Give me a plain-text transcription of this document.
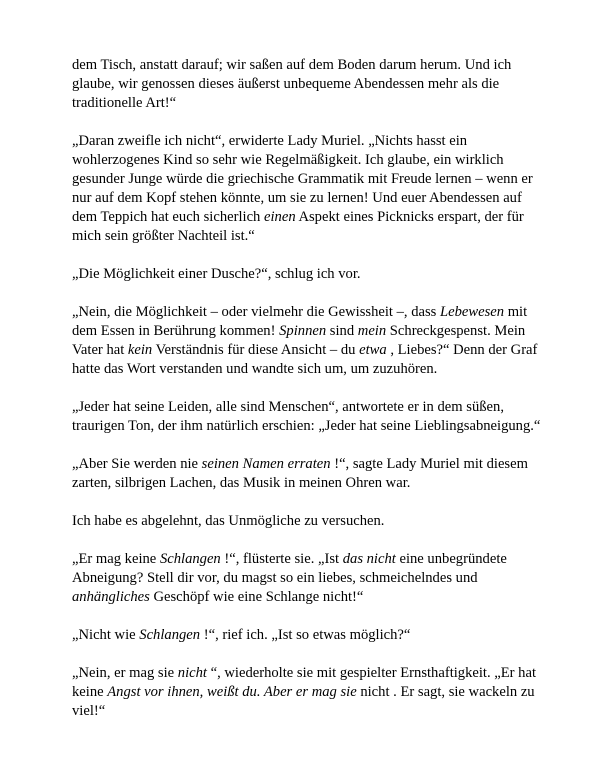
dem Tisch, anstatt darauf; wir saßen auf dem Boden darum herum. Und ich glaube, wir genossen dieses äußerst unbequeme Abendessen mehr als die traditionelle Art!“

„Daran zweifle ich nicht“, erwiderte Lady Muriel. „Nichts hasst ein wohlerzogenes Kind so sehr wie Regelmäßigkeit. Ich glaube, ein wirklich gesunder Junge würde die griechische Grammatik mit Freude lernen – wenn er nur auf dem Kopf stehen könnte, um sie zu lernen! Und euer Abendessen auf dem Teppich hat euch sicherlich einen Aspekt eines Picknicks erspart, der für mich sein größter Nachteil ist.“

„Die Möglichkeit einer Dusche?“, schlug ich vor.

„Nein, die Möglichkeit – oder vielmehr die Gewissheit –, dass Lebewesen mit dem Essen in Berührung kommen! Spinnen sind mein Schreckgespenst. Mein Vater hat kein Verständnis für diese Ansicht – du etwa , Liebes?“ Denn der Graf hatte das Wort verstanden und wandte sich um, um zuzuhören.

„Jeder hat seine Leiden, alle sind Menschen“, antwortete er in dem süßen, traurigen Ton, der ihm natürlich erschien: „Jeder hat seine Lieblingsabneigung.“

„Aber Sie werden nie seinen Namen erraten !“, sagte Lady Muriel mit diesem zarten, silbrigen Lachen, das Musik in meinen Ohren war.

Ich habe es abgelehnt, das Unmögliche zu versuchen.

„Er mag keine Schlangen !“, flüsterte sie. „Ist das nicht eine unbegründete Abneigung? Stell dir vor, du magst so ein liebes, schmeichelndes und anhängliches Geschöpf wie eine Schlange nicht!“

„Nicht wie Schlangen !“, rief ich. „Ist so etwas möglich?“

„Nein, er mag sie nicht “, wiederholte sie mit gespielter Ernsthaftigkeit. „Er hat keine Angst vor ihnen, weißt du. Aber er mag sie nicht . Er sagt, sie wackeln zu viel!“
